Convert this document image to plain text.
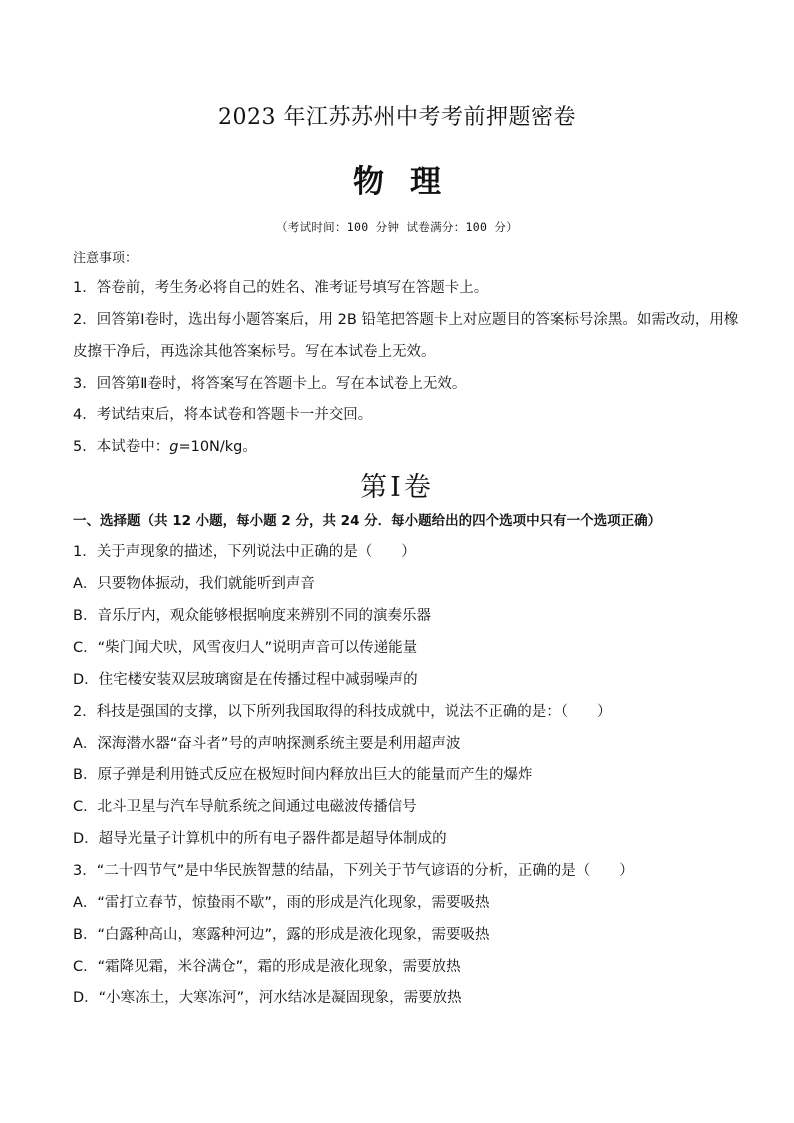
2023 年江苏苏州中考考前押题密卷
物理
（考试时间：100 分钟 试卷满分：100 分）
注意事项：
1．答卷前，考生务必将自己的姓名、准考证号填写在答题卡上。
2．回答第Ⅰ卷时，选出每小题答案后，用 2B 铅笔把答题卡上对应题目的答案标号涂黑。如需改动，用橡
皮擦干净后，再选涂其他答案标号。写在本试卷上无效。
3．回答第Ⅱ卷时，将答案写在答题卡上。写在本试卷上无效。
4．考试结束后，将本试卷和答题卡一并交回。
5．本试卷中：g=10N/kg。
第Ⅰ卷
一、选择题（共 12 小题，每小题 2 分，共 24 分．每小题给出的四个选项中只有一个选项正确）
1．关于声现象的描述，下列说法中正确的是（　　）
A．只要物体振动，我们就能听到声音
B．音乐厅内，观众能够根据响度来辨别不同的演奏乐器
C．“柴门闻犬吠，风雪夜归人”说明声音可以传递能量
D．住宅楼安装双层玻璃窗是在传播过程中减弱噪声的
2．科技是强国的支撑，以下所列我国取得的科技成就中，说法不正确的是：（　　）
A．深海潜水器“奋斗者”号的声呐探测系统主要是利用超声波
B．原子弹是利用链式反应在极短时间内释放出巨大的能量而产生的爆炸
C．北斗卫星与汽车导航系统之间通过电磁波传播信号
D．超导光量子计算机中的所有电子器件都是超导体制成的
3．“二十四节气”是中华民族智慧的结晶，下列关于节气谚语的分析，正确的是（　　）
A．“雷打立春节，惊蛰雨不歇”，雨的形成是汽化现象，需要吸热
B．“白露种高山，寒露种河边”，露的形成是液化现象，需要吸热
C．“霜降见霜，米谷满仓”，霜的形成是液化现象，需要放热
D．“小寒冻土，大寒冻河”，河水结冰是凝固现象，需要放热
